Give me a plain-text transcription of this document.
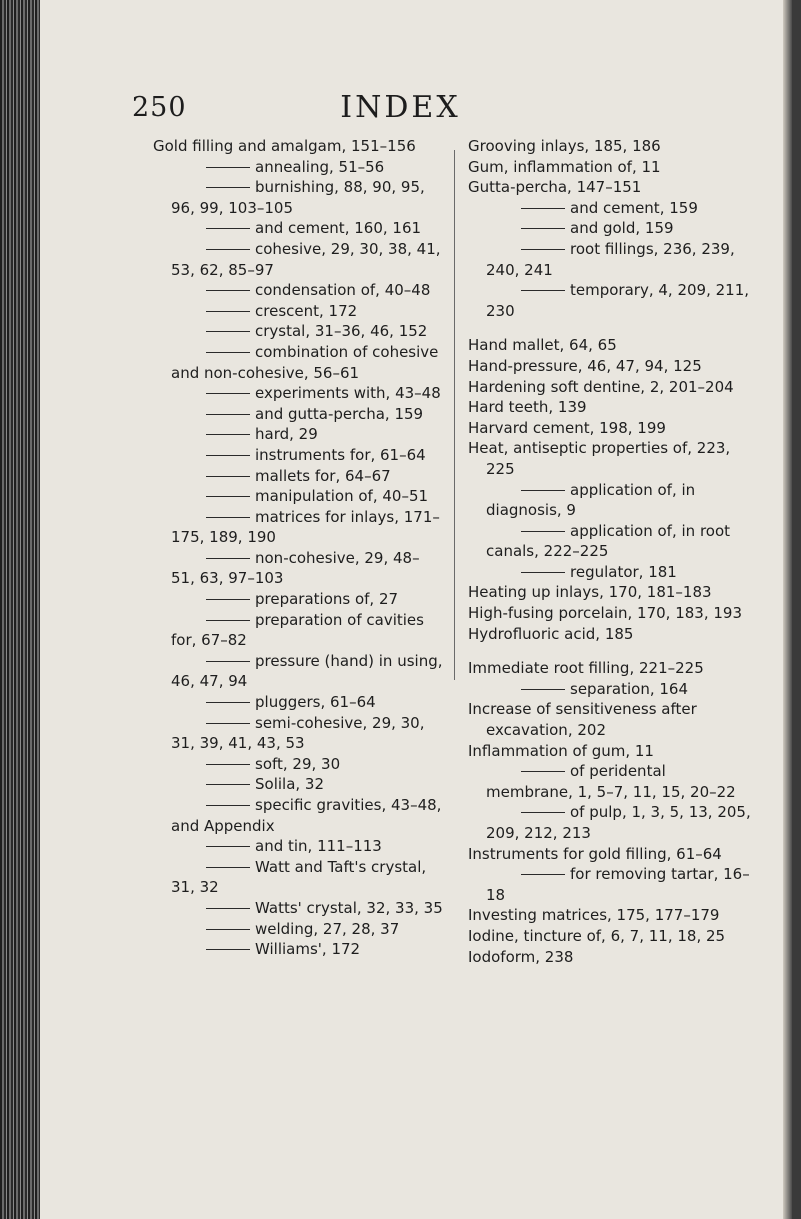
250	INDEX

Gold filling and amalgam, 151–156

annealing, 51–56

burnishing, 88, 90, 95, 96, 99, 103–105

and cement, 160, 161

cohesive, 29, 30, 38, 41, 53, 62, 85–97

condensation of, 40–48

crescent, 172

crystal, 31–36, 46, 152

combination of cohesive and non-cohesive, 56–61

experiments with, 43–48

and gutta-percha, 159

hard, 29

instruments for, 61–64

mallets for, 64–67

manipulation of, 40–51

matrices for inlays, 171–175, 189, 190

non-cohesive, 29, 48–51, 63, 97–103

preparations of, 27

preparation of cavities for, 67–82

pressure (hand) in using, 46, 47, 94

pluggers, 61–64

semi-cohesive, 29, 30, 31, 39, 41, 43, 53

soft, 29, 30

Solila, 32

specific gravities, 43–48, and Appendix

and tin, 111–113

Watt and Taft's crystal, 31, 32

Watts' crystal, 32, 33, 35

welding, 27, 28, 37

Williams', 172

Grooving inlays, 185, 186

Gum, inflammation of, 11

Gutta-percha, 147–151

and cement, 159

and gold, 159

root fillings, 236, 239, 240, 241

temporary, 4, 209, 211, 230

Hand mallet, 64, 65

Hand-pressure, 46, 47, 94, 125

Hardening soft dentine, 2, 201–204

Hard teeth, 139

Harvard cement, 198, 199

Heat, antiseptic properties of, 223, 225

application of, in diagnosis, 9

application of, in root canals, 222–225

regulator, 181

Heating up inlays, 170, 181–183

High-fusing porcelain, 170, 183, 193

Hydrofluoric acid, 185

Immediate root filling, 221–225

separation, 164

Increase of sensitiveness after excavation, 202

Inflammation of gum, 11

of peridental membrane, 1, 5–7, 11, 15, 20–22

of pulp, 1, 3, 5, 13, 205, 209, 212, 213

Instruments for gold filling, 61–64

for removing tartar, 16–18

Investing matrices, 175, 177–179

Iodine, tincture of, 6, 7, 11, 18, 25

Iodoform, 238
